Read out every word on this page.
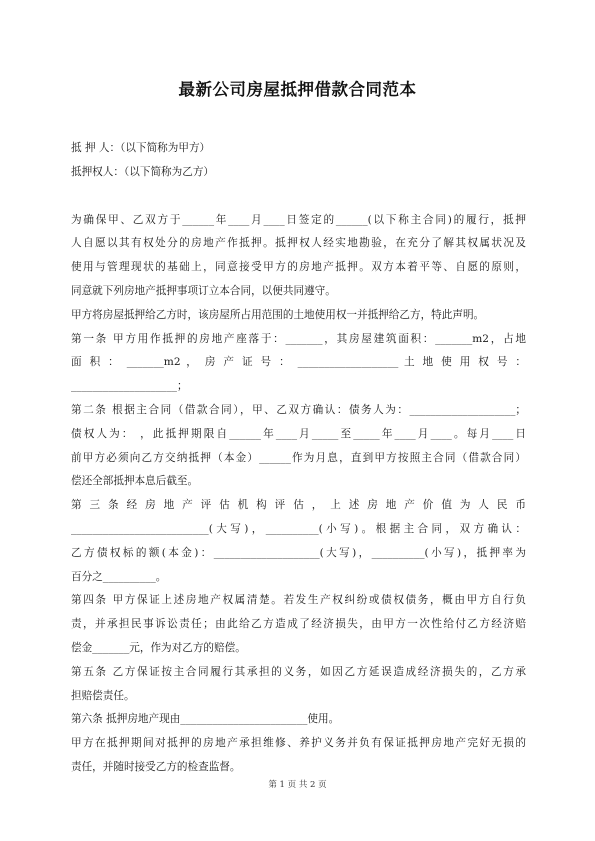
最新公司房屋抵押借款合同范本
抵 押 人：（以下简称为甲方）
抵押权人：（以下简称为乙方）
为确保甲、乙双方于______年____月____日签定的______(以下称主合同)的履行，抵押
人自愿以其有权处分的房地产作抵押。抵押权人经实地勘验，在充分了解其权属状况及
使用与管理现状的基础上，同意接受甲方的房地产抵押。双方本着平等、自愿的原则，
同意就下列房地产抵押事项订立本合同，以便共同遵守。
甲方将房屋抵押给乙方时，该房屋所占用范围的土地使用权一并抵押给乙方，特此声明。
第一条 甲方用作抵押的房地产座落于：_______，其房屋建筑面积：_______m2，占地
面 积 ： _______m2 ， 房 产 证 号 ： ___________________ 土 地 使 用 权 号 ：
____________________；
第二条 根据主合同（借款合同），甲、乙双方确认：债务人为：____________________；
债权人为： ，此抵押期限自______年____月_____至_____年____月____。每月____日
前甲方必须向乙方交纳抵押（本金）______作为月息，直到甲方按照主合同（借款合同）
偿还全部抵押本息后截至。
第 三 条 经 房 地 产 评 估 机 构 评 估 ， 上 述 房 地 产 价 值 为 人 民 币
__________________________(大写)，__________(小写)。根据主合同，双方确认：
乙方债权标的额(本金)：____________________(大写)，__________(小写)，抵押率为
百分之__________。
第四条 甲方保证上述房地产权属清楚。若发生产权纠纷或债权债务，概由甲方自行负
责，并承担民事诉讼责任；由此给乙方造成了经济损失，由甲方一次性给付乙方经济赔
偿金_______元，作为对乙方的赔偿。
第五条 乙方保证按主合同履行其承担的义务，如因乙方延误造成经济损失的，乙方承
担赔偿责任。
第六条 抵押房地产现由________________________使用。
甲方在抵押期间对抵押的房地产承担维修、养护义务并负有保证抵押房地产完好无损的
责任，并随时接受乙方的检查监督。
第 1 页 共 2 页
